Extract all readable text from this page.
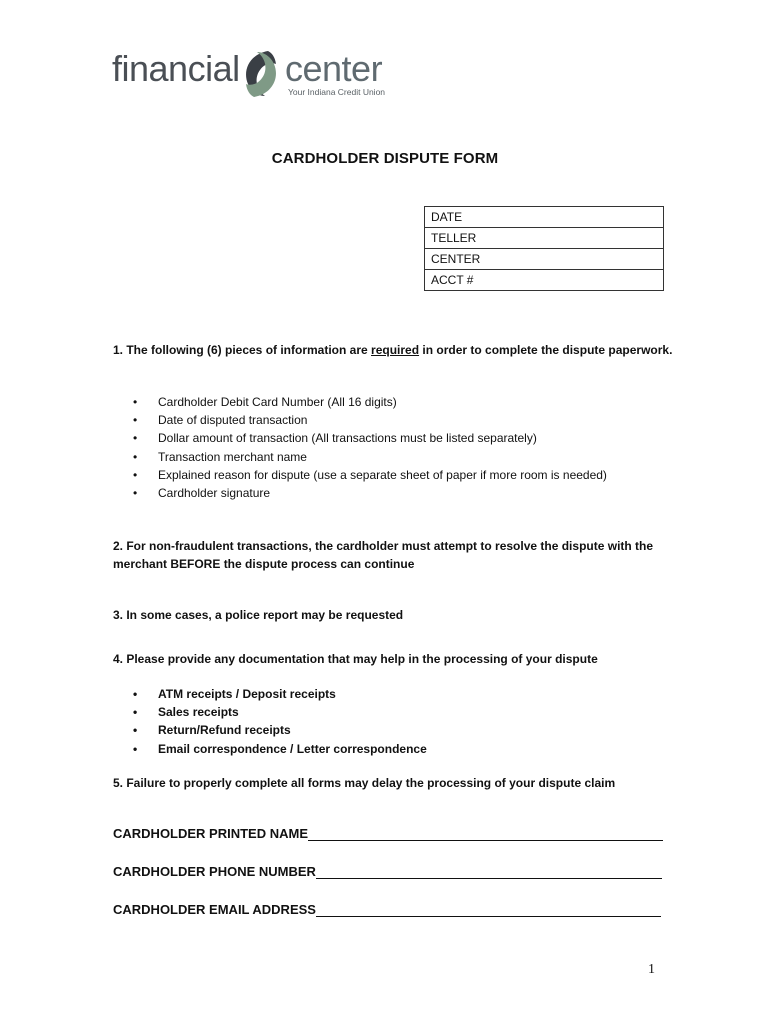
financial center
Your Indiana Credit Union
CARDHOLDER DISPUTE FORM
DATE
TELLER
CENTER
ACCT #
1. The following (6) pieces of information are required in order to complete the dispute paperwork.
• Cardholder Debit Card Number (All 16 digits)
• Date of disputed transaction
• Dollar amount of transaction (All transactions must be listed separately)
• Transaction merchant name
• Explained reason for dispute (use a separate sheet of paper if more room is needed)
• Cardholder signature
2. For non-fraudulent transactions, the cardholder must attempt to resolve the dispute with the merchant BEFORE the dispute process can continue
3. In some cases, a police report may be requested
4. Please provide any documentation that may help in the processing of your dispute
• ATM receipts / Deposit receipts
• Sales receipts
• Return/Refund receipts
• Email correspondence / Letter correspondence
5. Failure to properly complete all forms may delay the processing of your dispute claim
CARDHOLDER PRINTED NAME
CARDHOLDER PHONE NUMBER
CARDHOLDER EMAIL ADDRESS
1
